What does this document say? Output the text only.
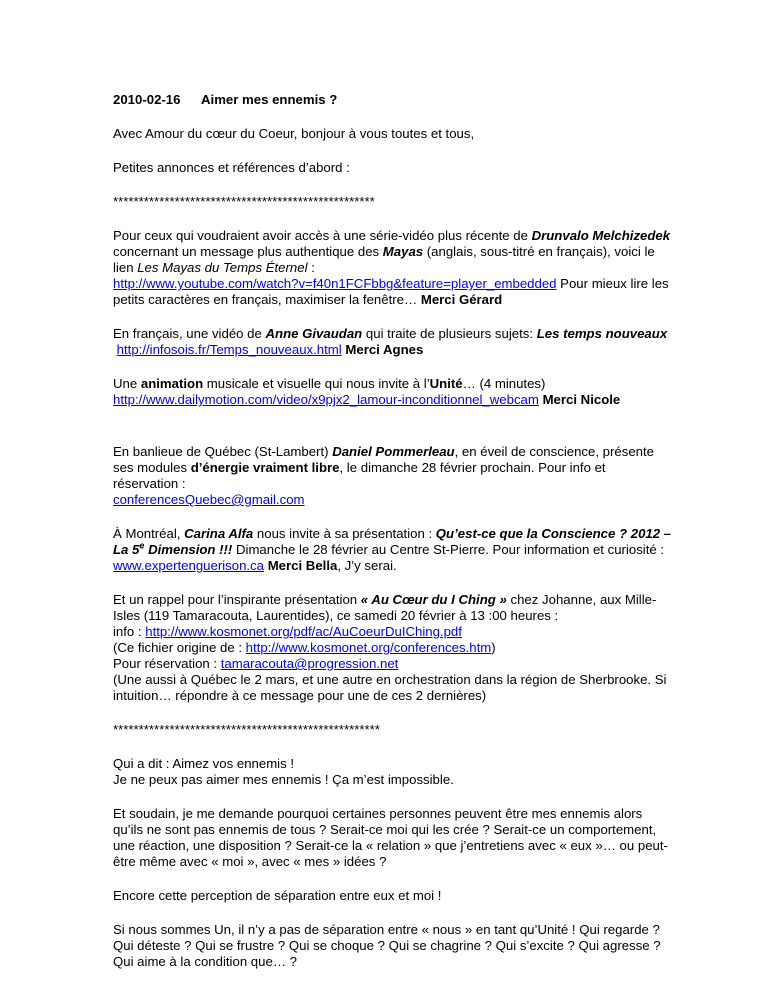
2010-02-16 Aimer mes ennemis ?

Avec Amour du cœur du Coeur, bonjour à vous toutes et tous,

Petites annonces et références d’abord :

***************************************************

Pour ceux qui voudraient avoir accès à une série-vidéo plus récente de Drunvalo Melchizedek concernant un message plus authentique des Mayas (anglais, sous-titré en français), voici le lien Les Mayas du Temps Éternel :
http://www.youtube.com/watch?v=f40n1FCFbbg&feature=player_embedded Pour mieux lire les petits caractères en français, maximiser la fenêtre… Merci Gérard

En français, une vidéo de Anne Givaudan qui traite de plusieurs sujets: Les temps nouveaux
http://infosois.fr/Temps_nouveaux.html Merci Agnes

Une animation musicale et visuelle qui nous invite à l’Unité… (4 minutes)
http://www.dailymotion.com/video/x9pjx2_lamour-inconditionnel_webcam Merci Nicole

En banlieue de Québec (St-Lambert) Daniel Pommerleau, en éveil de conscience, présente ses modules d’énergie vraiment libre, le dimanche 28 février prochain. Pour info et réservation :
conferencesQuebec@gmail.com

À Montréal, Carina Alfa nous invite à sa présentation : Qu’est-ce que la Conscience ? 2012 – La 5e Dimension !!! Dimanche le 28 février au Centre St-Pierre. Pour information et curiosité :
www.expertenguerison.ca Merci Bella, J’y serai.

Et un rappel pour l’inspirante présentation « Au Cœur du I Ching » chez Johanne, aux Mille-Isles (119 Tamaracouta, Laurentides), ce samedi 20 février à 13 :00 heures :
info : http://www.kosmonet.org/pdf/ac/AuCoeurDuIChing.pdf
(Ce fichier origine de : http://www.kosmonet.org/conferences.htm)
Pour réservation : tamaracouta@progression.net
(Une aussi à Québec le 2 mars, et une autre en orchestration dans la région de Sherbrooke. Si intuition… répondre à ce message pour une de ces 2 dernières)

****************************************************

Qui a dit : Aimez vos ennemis !
Je ne peux pas aimer mes ennemis ! Ça m’est impossible.

Et soudain, je me demande pourquoi certaines personnes peuvent être mes ennemis alors qu’ils ne sont pas ennemis de tous ? Serait-ce moi qui les crée ? Serait-ce un comportement, une réaction, une disposition ? Serait-ce la « relation » que j’entretiens avec « eux »… ou peut-être même avec « moi », avec « mes » idées ?

Encore cette perception de séparation entre eux et moi !

Si nous sommes Un, il n’y a pas de séparation entre « nous » en tant qu’Unité ! Qui regarde ? Qui déteste ? Qui se frustre ? Qui se choque ? Qui se chagrine ? Qui s’excite ? Qui agresse ? Qui aime à la condition que… ?
